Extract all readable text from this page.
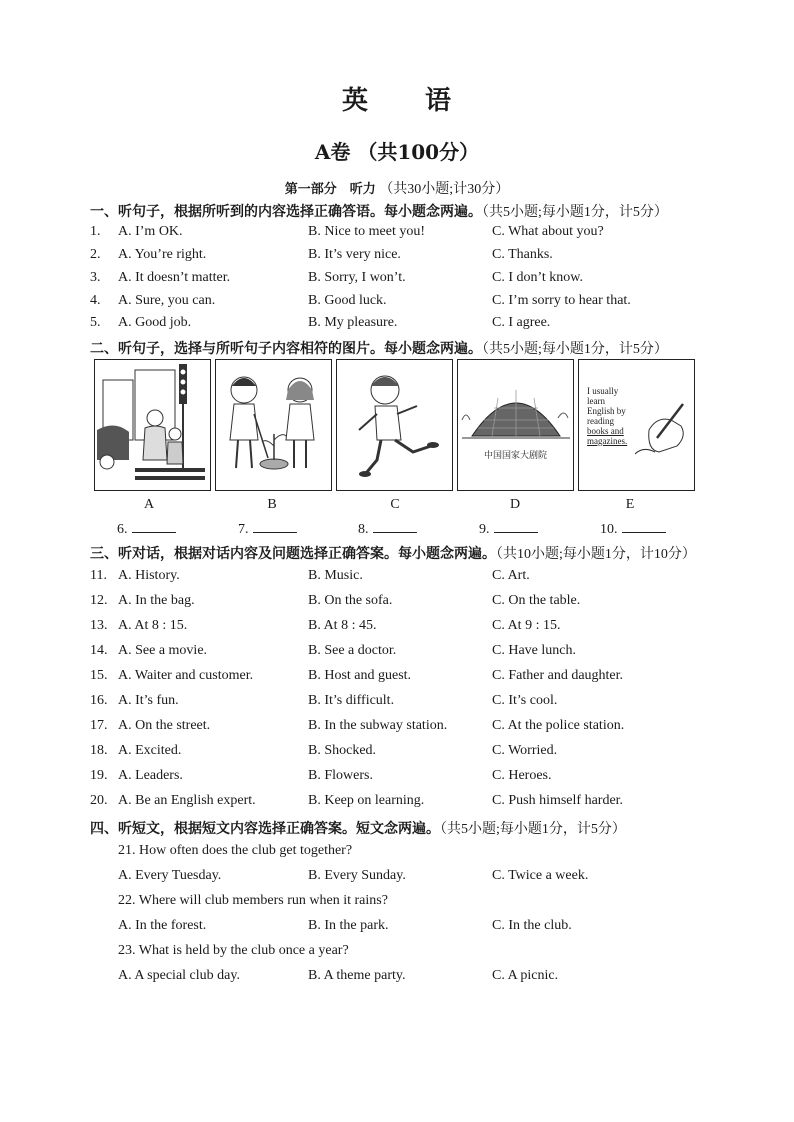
英 语
A卷 （共100分）
第一部分　听力 （共30小题;计30分）
一、听句子，根据所听到的内容选择正确答语。每小题念两遍。（共5小题;每小题1分，计5分）
1. A. I’m OK.	B. Nice to meet you!	C. What about you?
2. A. You’re right.	B. It’s very nice.	C. Thanks.
3. A. It doesn’t matter.	B. Sorry, I won’t.	C. I don’t know.
4. A. Sure, you can.	B. Good luck.	C. I’m sorry to hear that.
5. A. Good job.	B. My pleasure.	C. I agree.
二、听句子，选择与所听句子内容相符的图片。每小题念两遍。（共5小题;每小题1分，计5分）
中国国家大剧院
I usually
learn
English by
reading
books and
magazines.
A	B	C	D	E
6.	7.	8.	9.	10.
三、听对话，根据对话内容及问题选择正确答案。每小题念两遍。（共10小题;每小题1分，计10分）
11. A. History.	B. Music.	C. Art.
12. A. In the bag.	B. On the sofa.	C. On the table.
13. A. At 8 : 15.	B. At 8 : 45.	C. At 9 : 15.
14. A. See a movie.	B. See a doctor.	C. Have lunch.
15. A. Waiter and customer.	B. Host and guest.	C. Father and daughter.
16. A. It’s fun.	B. It’s difficult.	C. It’s cool.
17. A. On the street.	B. In the subway station.	C. At the police station.
18. A. Excited.	B. Shocked.	C. Worried.
19. A. Leaders.	B. Flowers.	C. Heroes.
20. A. Be an English expert.	B. Keep on learning.	C. Push himself harder.
四、听短文，根据短文内容选择正确答案。短文念两遍。（共5小题;每小题1分，计5分）
21. How often does the club get together?
A. Every Tuesday.	B. Every Sunday.	C. Twice a week.
22. Where will club members run when it rains?
A. In the forest.	B. In the park.	C. In the club.
23. What is held by the club once a year?
A. A special club day.	B. A theme party.	C. A picnic.
